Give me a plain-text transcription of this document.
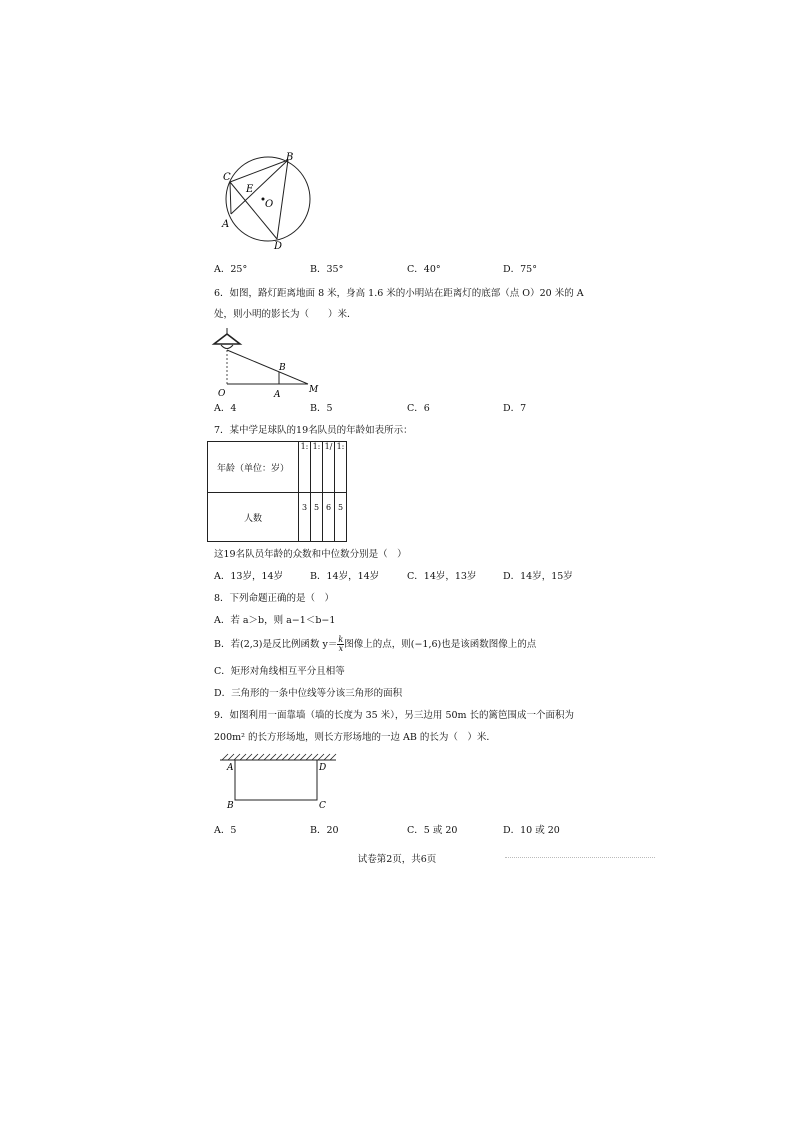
B
C
E
O
A
D
A．25°	B．35°	C．40°	D．75°
6．如图，路灯距离地面 8 米，身高 1.6 米的小明站在距离灯的底部（点 O）20 米的 A
处，则小明的影长为（　　）米．
B
O	A	M
A．4	B．5	C．6	D．7
7．某中学足球队的19名队员的年龄如表所示：
年龄（单位：岁）	1:	1:	1/	1:
人数	3	5	6	5
这19名队员年龄的众数和中位数分别是（　）
A．13岁，14岁	B．14岁，14岁	C．14岁，13岁	D．14岁，15岁
8．下列命题正确的是（　）
A．若 a＞b，则 a−1＜b−1
B．若(2,3)是反比例函数 $y= \frac{k}{x}$ 图像上的点，则(−1,6)也是该函数图像上的点
C．矩形对角线相互平分且相等
D．三角形的一条中位线等分该三角形的面积
9．如图利用一面靠墙（墙的长度为 35 米），另三边用 50m 长的篱笆围成一个面积为
200m² 的长方形场地，则长方形场地的一边 AB 的长为（　）米．
A	D
B	C
A．5	B．20	C．5 或 20	D．10 或 20
试卷第2页，共6页
